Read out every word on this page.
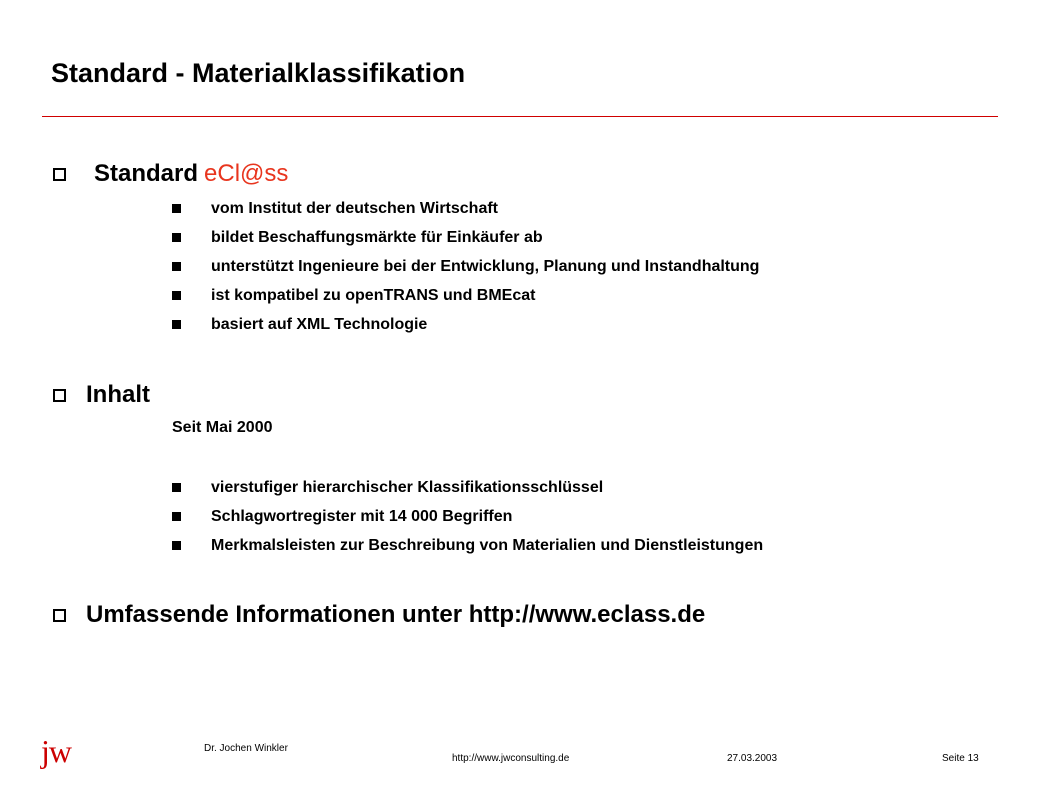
Standard - Materialklassifikation
Standard eCl@ss
vom Institut der deutschen Wirtschaft
bildet Beschaffungsmärkte für Einkäufer ab
unterstützt Ingenieure bei der Entwicklung, Planung und Instandhaltung
ist kompatibel zu openTRANS und BMEcat
basiert auf XML Technologie
Inhalt
Seit Mai 2000
vierstufiger hierarchischer Klassifikationsschlüssel
Schlagwortregister mit 14 000 Begriffen
Merkmalsleisten zur Beschreibung von Materialien und Dienstleistungen
Umfassende Informationen unter http://www.eclass.de
jw	Dr. Jochen Winkler
http://www.jwconsulting.de	27.03.2003	Seite 13
